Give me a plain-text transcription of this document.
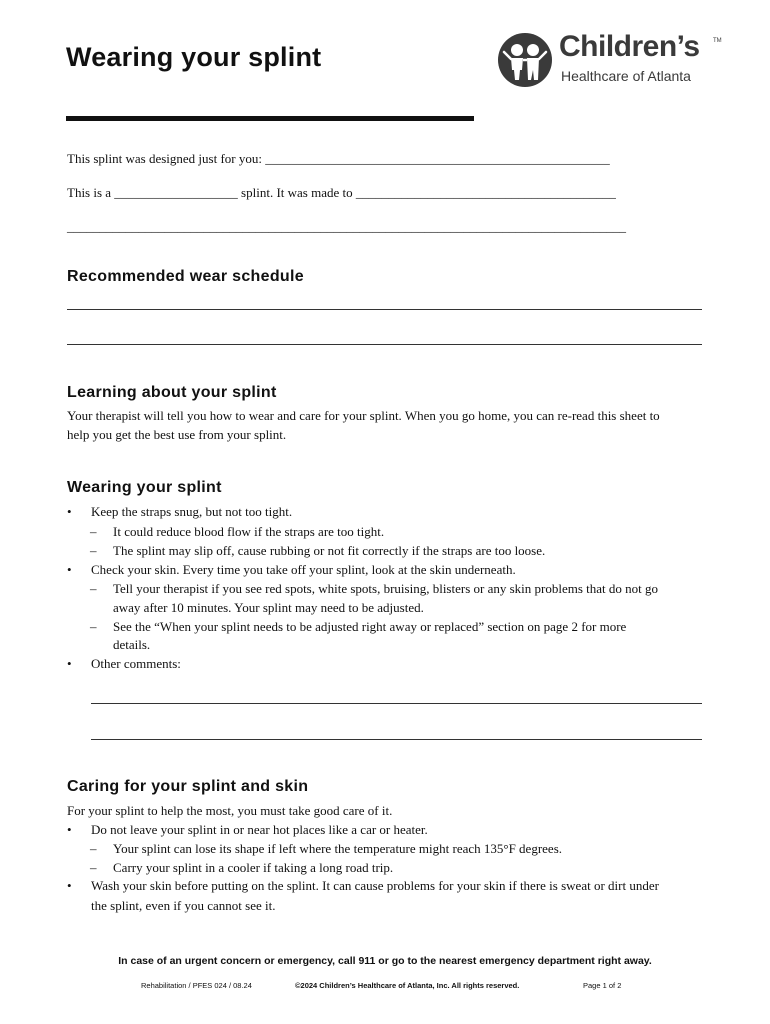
Wearing your splint	Children’s TM
Healthcare of Atlanta
This splint was designed just for you: _____________________________________________________
This is a ___________________ splint. It was made to ________________________________________
______________________________________________________________________________________
Recommended wear schedule
Learning about your splint
Your therapist will tell you how to wear and care for your splint. When you go home, you can re-read this sheet to
help you get the best use from your splint.
Wearing your splint
•	Keep the straps snug, but not too tight.
–	It could reduce blood flow if the straps are too tight.
–	The splint may slip off, cause rubbing or not fit correctly if the straps are too loose.
•	Check your skin. Every time you take off your splint, look at the skin underneath.
–	Tell your therapist if you see red spots, white spots, bruising, blisters or any skin problems that do not go
away after 10 minutes. Your splint may need to be adjusted.
–	See the “When your splint needs to be adjusted right away or replaced” section on page 2 for more
details.
•	Other comments:
Caring for your splint and skin
For your splint to help the most, you must take good care of it.
•	Do not leave your splint in or near hot places like a car or heater.
–	Your splint can lose its shape if left where the temperature might reach 135°F degrees.
–	Carry your splint in a cooler if taking a long road trip.
•	Wash your skin before putting on the splint. It can cause problems for your skin if there is sweat or dirt under
the splint, even if you cannot see it.
In case of an urgent concern or emergency, call 911 or go to the nearest emergency department right away.
Rehabilitation / PFES 024 / 08.24	©2024 Children’s Healthcare of Atlanta, Inc. All rights reserved.	Page 1 of 2
